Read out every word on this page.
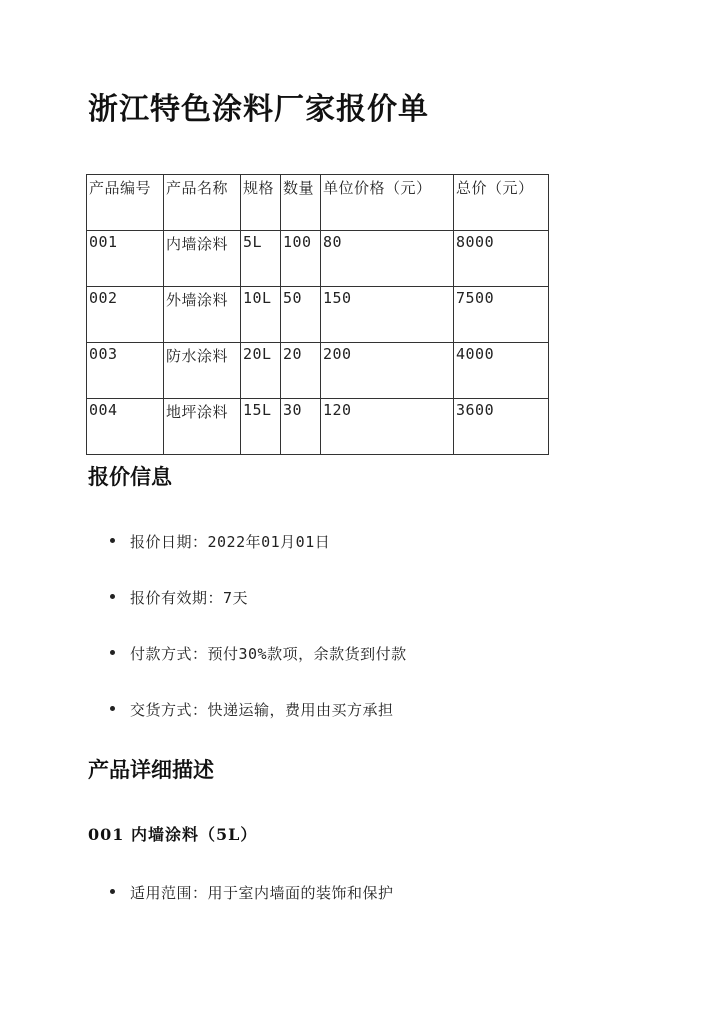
浙江特色涂料厂家报价单
产品编号	产品名称	规格	数量	单位价格（元）	总价（元）
001	内墙涂料	5L	100	80	8000
002	外墙涂料	10L	50	150	7500
003	防水涂料	20L	20	200	4000
004	地坪涂料	15L	30	120	3600
报价信息
报价日期：2022年01月01日
报价有效期：7天
付款方式：预付30%款项，余款货到付款
交货方式：快递运输，费用由买方承担
产品详细描述
001 内墙涂料（5L）
适用范围：用于室内墙面的装饰和保护
